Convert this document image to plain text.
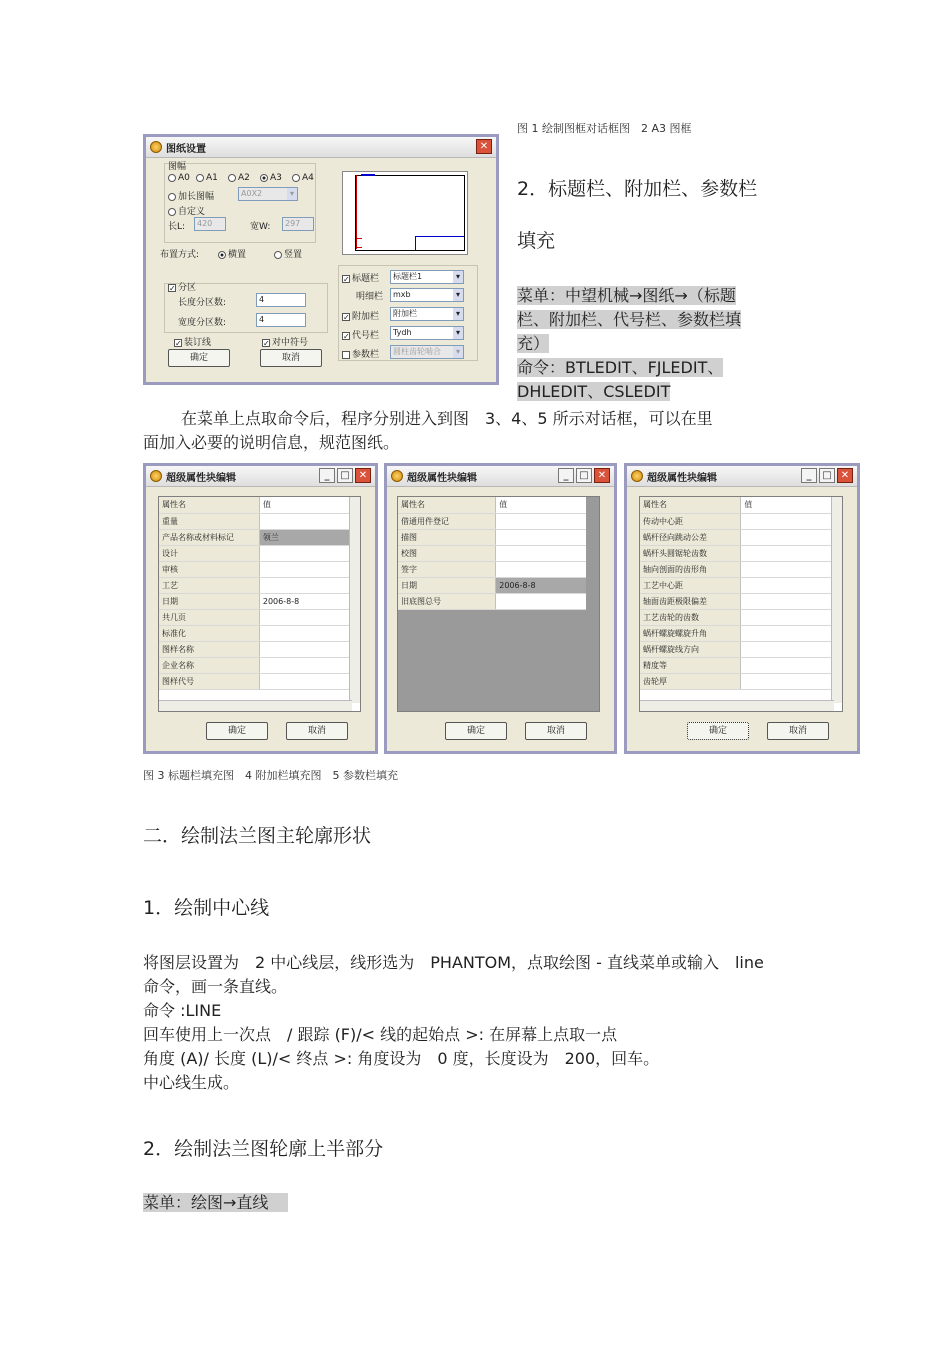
图纸设置	✕
图幅
A0	A1	A2	A3	A4
加长图幅	A0X2 ▾
自定义
长L:	420	宽W:	297
布置方式:	横置	竖置
✓ 分区
长度分区数:	4
宽度分区数:	4
✓ 装订线	✓ 对中符号
确定	取消
✓ 标题栏	标题栏1 ▾
明细栏	mxb ▾
✓ 附加栏	附加栏 ▾
✓ 代号栏	Tydh ▾
参数栏	圆柱齿轮啮合 ▾
图 1 绘制图框对话框图　2 A3 图框
2．标题栏、附加栏、参数栏
填充
菜单：中望机械→图纸→（标题
栏、附加栏、代号栏、参数栏填
充）
命令：BTLEDIT、FJLEDIT、
DHLEDIT、CSLEDIT
在菜单上点取命令后，程序分别进入到图　3、4、5 所示对话框，可以在里
面加入必要的说明信息，规范图纸。
超级属性块编辑	_	□ ✕
属性名	值
重量	
产品名称或材料标记	领兰
设计	
审核	
工艺	
日期	2006-8-8
共几页	
标准化	
图样名称	
企业名称	
图样代号	
确定	取消
超级属性块编辑	_	□ ✕
属性名	值
借通用件登记	
描图	
校图	
签字	
日期	2006-8-8
旧底图总号	
确定	取消
超级属性块编辑	_	□ ✕
属性名	值
传动中心距	
蜗杆径向跳动公差	
蜗杆头圆锯轮齿数	
轴向剖面的齿形角	
工艺中心距	
轴面齿距极限偏差	
工艺齿轮的齿数	
蜗杆螺旋螺旋升角	
蜗杆螺旋线方向	
精度等	
齿轮厚	
确定	取消
图 3 标题栏填充图　4 附加栏填充图　5 参数栏填充
二．绘制法兰图主轮廓形状
1．绘制中心线
将图层设置为　2 中心线层，线形选为　PHANTOM，点取绘图 - 直线菜单或输入　line
命令，画一条直线。
命令 :LINE
回车使用上一次点　/ 跟踪 (F)/< 线的起始点 >: 在屏幕上点取一点
角度 (A)/ 长度 (L)/< 终点 >: 角度设为　0 度，长度设为　200，回车。
中心线生成。
2．绘制法兰图轮廓上半部分
菜单：绘图→直线
